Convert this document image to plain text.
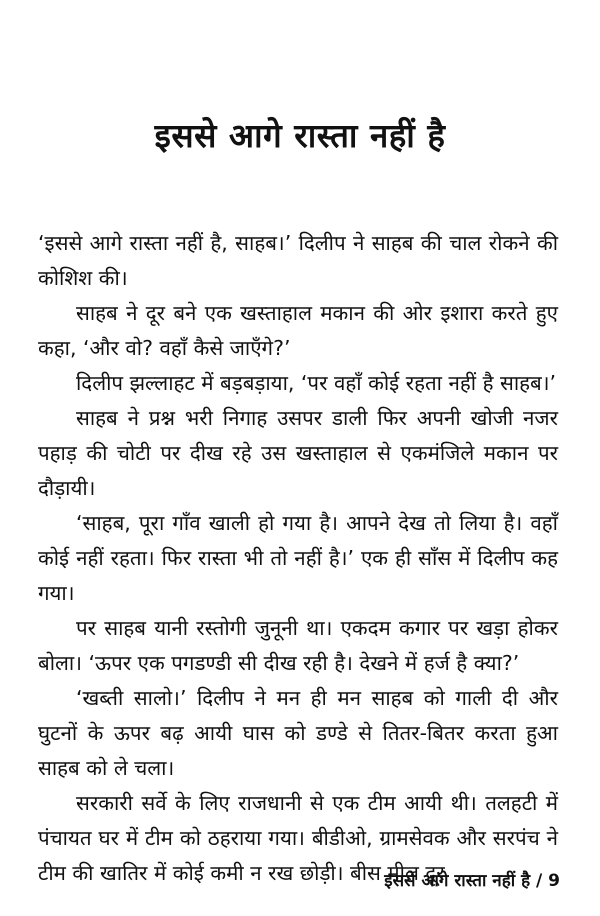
इससे आगे रास्ता नहीं है

‘इससे आगे रास्ता नहीं है, साहब।’ दिलीप ने साहब की चाल रोकने की कोशिश की।

साहब ने दूर बने एक खस्ताहाल मकान की ओर इशारा करते हुए कहा, ‘और वो? वहाँ कैसे जाएँगे?’

दिलीप झल्लाहट में बड़बड़ाया, ‘पर वहाँ कोई रहता नहीं है साहब।’

साहब ने प्रश्न भरी निगाह उसपर डाली फिर अपनी खोजी नजर पहाड़ की चोटी पर दीख रहे उस खस्ताहाल से एकमंजिले मकान पर दौड़ायी।

‘साहब, पूरा गाँव खाली हो गया है। आपने देख तो लिया है। वहाँ कोई नहीं रहता। फिर रास्ता भी तो नहीं है।’ एक ही साँस में दिलीप कह गया।

पर साहब यानी रस्तोगी जुनूनी था। एकदम कगार पर खड़ा होकर बोला। ‘ऊपर एक पगडण्डी सी दीख रही है। देखने में हर्ज है क्या?’

‘खब्ती सालो।’ दिलीप ने मन ही मन साहब को गाली दी और घुटनों के ऊपर बढ़ आयी घास को डण्डे से तितर-बितर करता हुआ साहब को ले चला।

सरकारी सर्वे के लिए राजधानी से एक टीम आयी थी। तलहटी में पंचायत घर में टीम को ठहराया गया। बीडीओ, ग्रामसेवक और सरपंच ने टीम की खातिर में कोई कमी न रख छोड़ी। बीस मील दूर

इससे आगे रास्ता नहीं है / 9
